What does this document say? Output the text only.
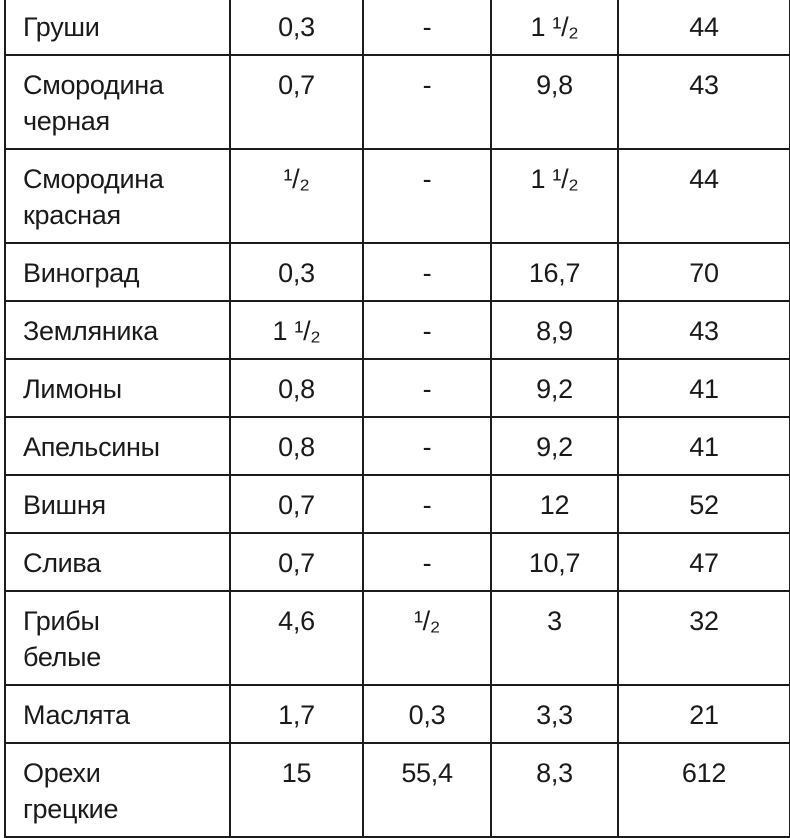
Груши	0,3	-	1 ¹/₂	44

Смородина
черная	0,7	-	9,8	43

Смородина
красная	¹/₂	-	1 ¹/₂	44

Виноград	0,3	-	16,7	70

Земляника	1 ¹/₂	-	8,9	43

Лимоны	0,8	-	9,2	41

Апельсины	0,8	-	9,2	41

Вишня	0,7	-	12	52

Слива	0,7	-	10,7	47

Грибы
белые	4,6	¹/₂	3	32

Маслята	1,7	0,3	3,3	21

Орехи
грецкие	15	55,4	8,3	612
